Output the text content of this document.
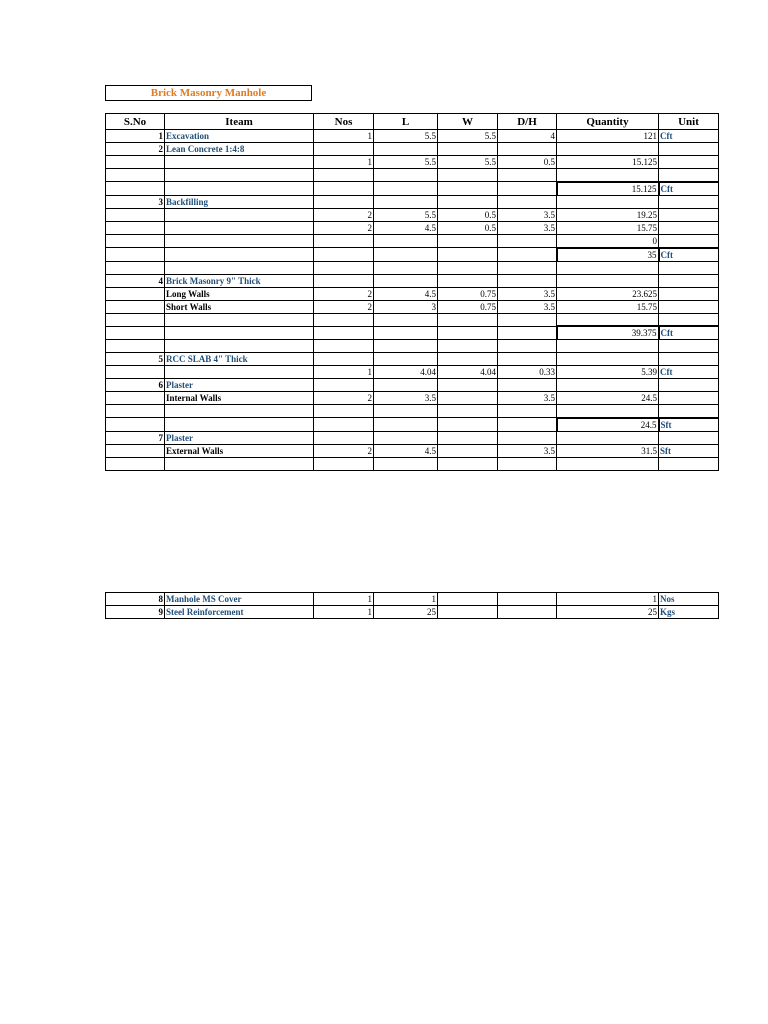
Brick Masonry Manhole
S.No	Iteam	Nos	L	W	D/H	Quantity	Unit
1	Excavation	1	5.5	5.5	4	121	Cft
2	Lean Concrete 1:4:8						
		1	5.5	5.5	0.5	15.125	

						15.125	Cft
3	Backfilling						
		2	5.5	0.5	3.5	19.25	
		2	4.5	0.5	3.5	15.75	
						0	
						35	Cft

4	Brick Masonry 9" Thick						
	Long Walls	2	4.5	0.75	3.5	23.625	
	Short Walls	2	3	0.75	3.5	15.75	

						39.375	Cft

5	RCC SLAB 4" Thick						
		1	4.04	4.04	0.33	5.39	Cft
6	Plaster						
	Internal Walls	2	3.5		3.5	24.5	

						24.5	Sft
7	Plaster						
	External Walls	2	4.5		3.5	31.5	Sft

8	Manhole MS Cover	1	1			1	Nos
9	Steel Reinforcement	1	25			25	Kgs
